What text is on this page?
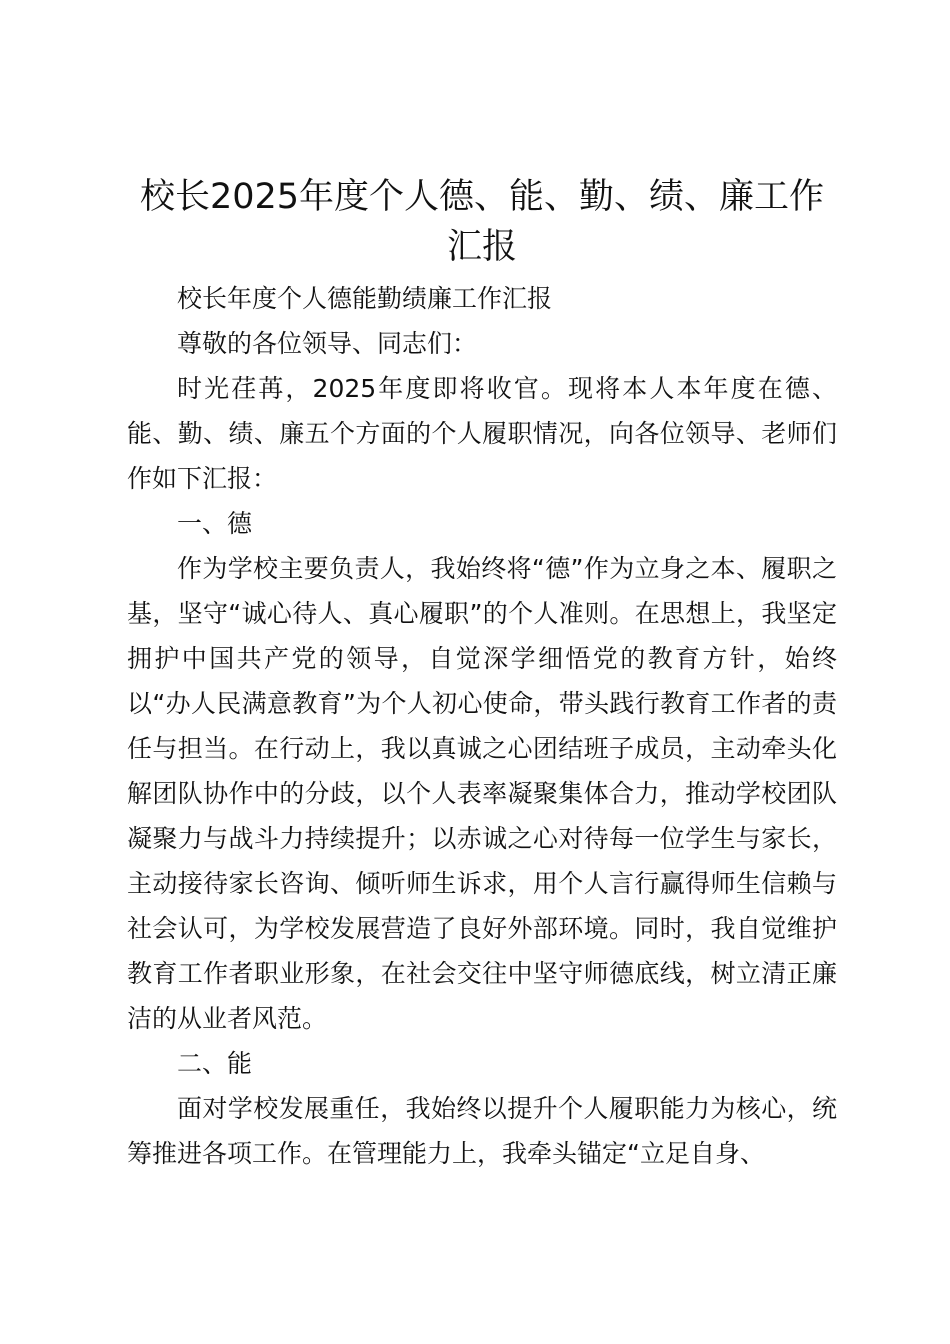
校长2025年度个人德、能、勤、绩、廉工作汇报

校长年度个人德能勤绩廉工作汇报

尊敬的各位领导、同志们：

时光荏苒，2025年度即将收官。现将本人本年度在德、能、勤、绩、廉五个方面的个人履职情况，向各位领导、老师们作如下汇报：

一、德

作为学校主要负责人，我始终将“德”作为立身之本、履职之基，坚守“诚心待人、真心履职”的个人准则。在思想上，我坚定拥护中国共产党的领导，自觉深学细悟党的教育方针，始终以“办人民满意教育”为个人初心使命，带头践行教育工作者的责任与担当。在行动上，我以真诚之心团结班子成员，主动牵头化解团队协作中的分歧，以个人表率凝聚集体合力，推动学校团队凝聚力与战斗力持续提升；以赤诚之心对待每一位学生与家长，主动接待家长咨询、倾听师生诉求，用个人言行赢得师生信赖与社会认可，为学校发展营造了良好外部环境。同时，我自觉维护教育工作者职业形象，在社会交往中坚守师德底线，树立清正廉洁的从业者风范。

二、能

面对学校发展重任，我始终以提升个人履职能力为核心，统筹推进各项工作。在管理能力上，我牵头锚定“立足自身、
